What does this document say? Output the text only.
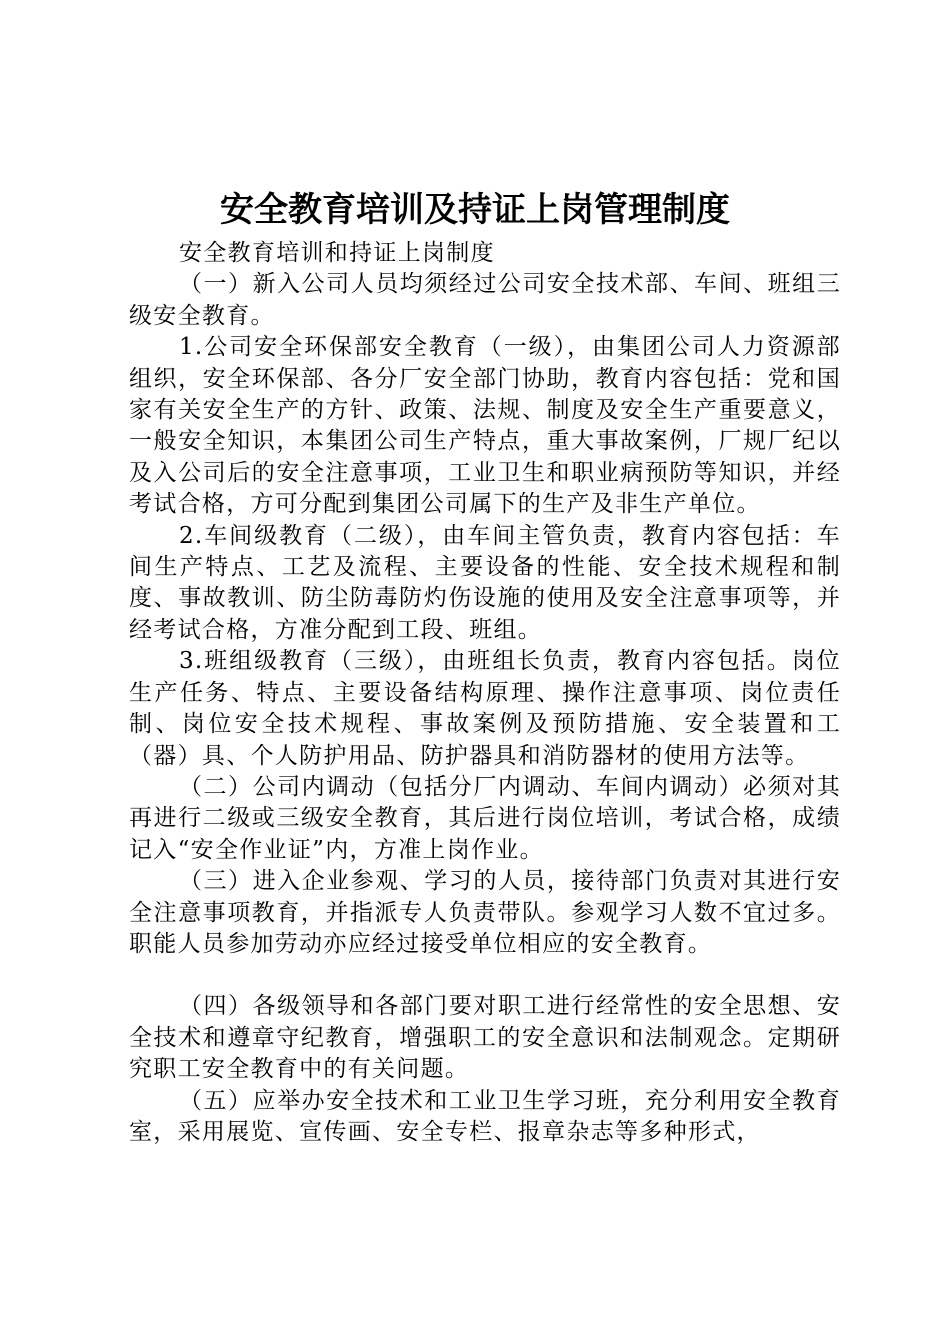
安全教育培训及持证上岗管理制度

安全教育培训和持证上岗制度

（一）新入公司人员均须经过公司安全技术部、车间、班组三级安全教育。

1.公司安全环保部安全教育（一级），由集团公司人力资源部组织，安全环保部、各分厂安全部门协助，教育内容包括：党和国家有关安全生产的方针、政策、法规、制度及安全生产重要意义，一般安全知识，本集团公司生产特点，重大事故案例，厂规厂纪以及入公司后的安全注意事项，工业卫生和职业病预防等知识，并经考试合格，方可分配到集团公司属下的生产及非生产单位。

2.车间级教育（二级），由车间主管负责，教育内容包括：车间生产特点、工艺及流程、主要设备的性能、安全技术规程和制度、事故教训、防尘防毒防灼伤设施的使用及安全注意事项等，并经考试合格，方准分配到工段、班组。

3.班组级教育（三级），由班组长负责，教育内容包括。岗位生产任务、特点、主要设备结构原理、操作注意事项、岗位责任制、岗位安全技术规程、事故案例及预防措施、安全装置和工（器）具、个人防护用品、防护器具和消防器材的使用方法等。

（二）公司内调动（包括分厂内调动、车间内调动）必须对其再进行二级或三级安全教育，其后进行岗位培训，考试合格，成绩记入“安全作业证”内，方准上岗作业。

（三）进入企业参观、学习的人员，接待部门负责对其进行安全注意事项教育，并指派专人负责带队。参观学习人数不宜过多。职能人员参加劳动亦应经过接受单位相应的安全教育。

（四）各级领导和各部门要对职工进行经常性的安全思想、安全技术和遵章守纪教育，增强职工的安全意识和法制观念。定期研究职工安全教育中的有关问题。

（五）应举办安全技术和工业卫生学习班，充分利用安全教育室，采用展览、宣传画、安全专栏、报章杂志等多种形式，
